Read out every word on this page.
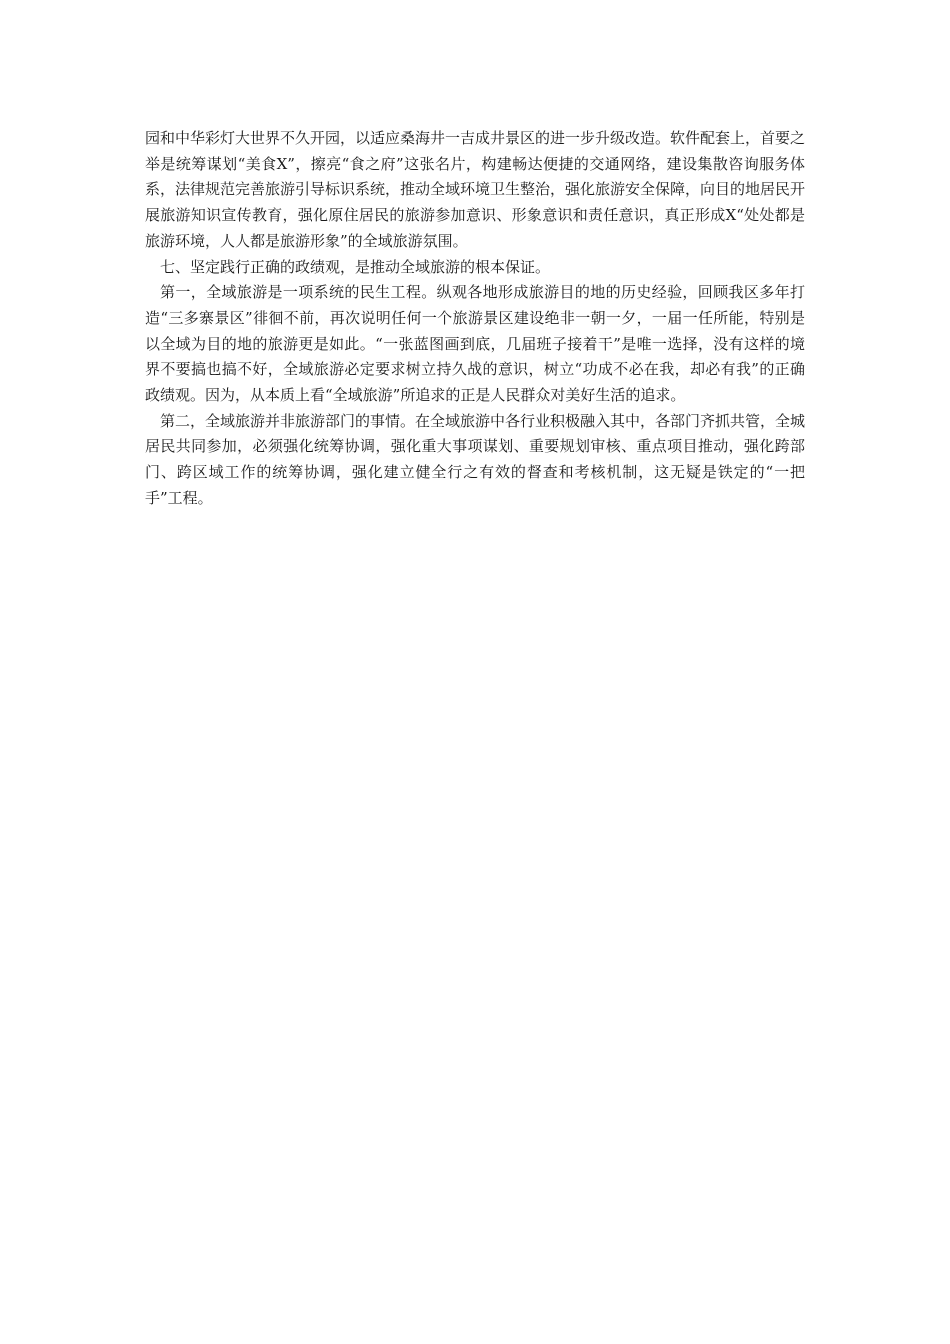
园和中华彩灯大世界不久开园，以适应桑海井一吉成井景区的进一步升级改造。软件配套上，首要之举是统筹谋划“美食X”，擦亮“食之府”这张名片，构建畅达便捷的交通网络，建设集散咨询服务体系，法律规范完善旅游引导标识系统，推动全域环境卫生整治，强化旅游安全保障，向目的地居民开展旅游知识宣传教育，强化原住居民的旅游参加意识、形象意识和责任意识，真正形成X“处处都是旅游环境，人人都是旅游形象”的全域旅游氛围。

七、坚定践行正确的政绩观，是推动全域旅游的根本保证。

第一，全域旅游是一项系统的民生工程。纵观各地形成旅游目的地的历史经验，回顾我区多年打造“三多寨景区”徘徊不前，再次说明任何一个旅游景区建设绝非一朝一夕，一届一任所能，特别是以全域为目的地的旅游更是如此。“一张蓝图画到底，几届班子接着干”是唯一选择，没有这样的境界不要搞也搞不好，全域旅游必定要求树立持久战的意识，树立“功成不必在我，却必有我”的正确政绩观。因为，从本质上看“全域旅游”所追求的正是人民群众对美好生活的追求。

第二，全域旅游并非旅游部门的事情。在全域旅游中各行业积极融入其中，各部门齐抓共管，全城居民共同参加，必须强化统筹协调，强化重大事项谋划、重要规划审核、重点项目推动，强化跨部门、跨区域工作的统筹协调，强化建立健全行之有效的督查和考核机制，这无疑是铁定的“一把手”工程。
